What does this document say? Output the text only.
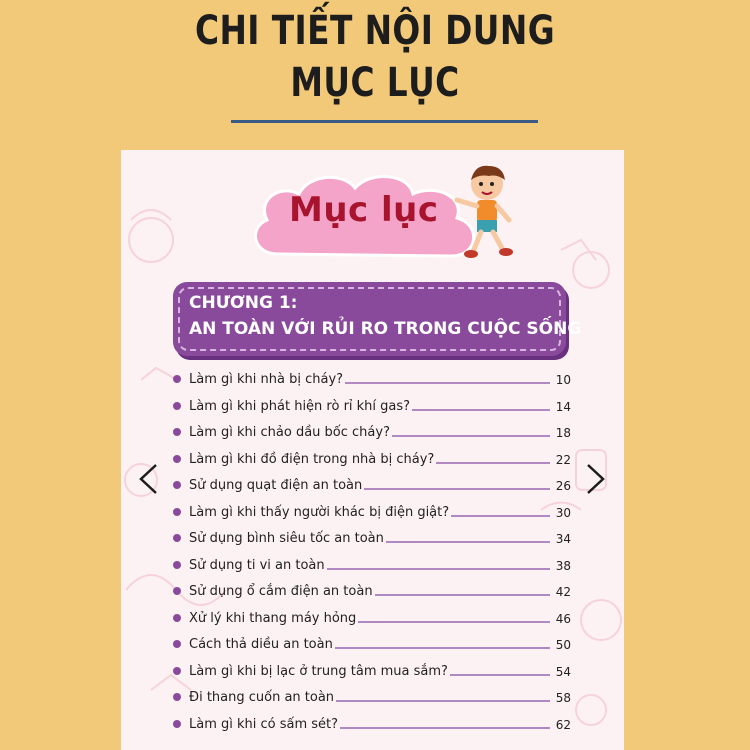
CHI TIẾT NỘI DUNG
MỤC LỤC
Mục lục
CHƯƠNG 1:
AN TOÀN VỚI RỦI RO TRONG CUỘC SỐNG
Làm gì khi nhà bị cháy?	10
Làm gì khi phát hiện rò rỉ khí gas?	14
Làm gì khi chảo dầu bốc cháy?	18
Làm gì khi đồ điện trong nhà bị cháy?	22
Sử dụng quạt điện an toàn	26
Làm gì khi thấy người khác bị điện giật?	30
Sử dụng bình siêu tốc an toàn	34
Sử dụng ti vi an toàn	38
Sử dụng ổ cắm điện an toàn	42
Xử lý khi thang máy hỏng	46
Cách thả diều an toàn	50
Làm gì khi bị lạc ở trung tâm mua sắm?	54
Đi thang cuốn an toàn	58
Làm gì khi có sấm sét?	62
